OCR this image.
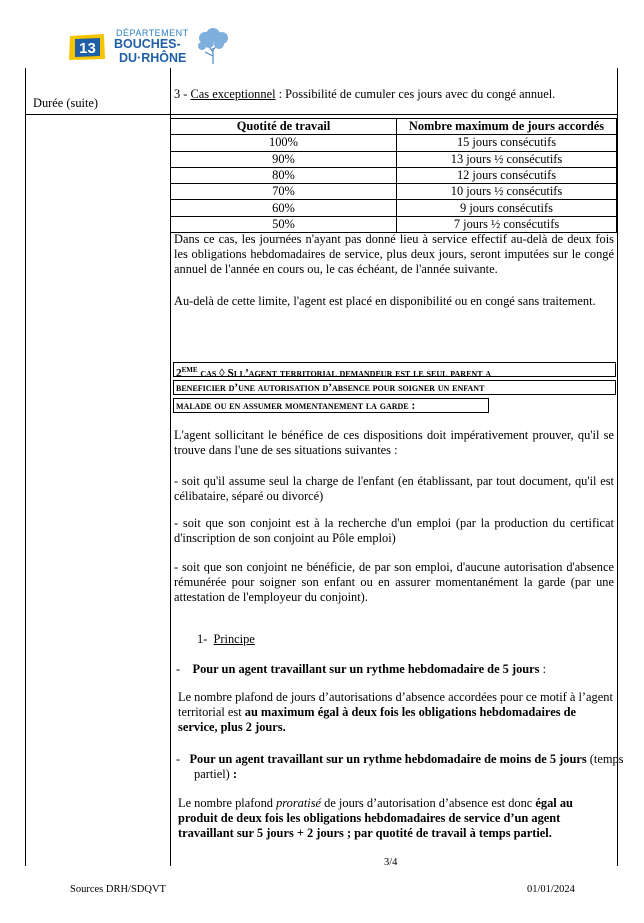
13
DÉPARTEMENT
BOUCHES-
DU·RHÔNE
Durée (suite)
3 - Cas exceptionnel : Possibilité de cumuler ces jours avec du congé annuel.
Quotité de travail	Nombre maximum de jours accordés
100%	15 jours consécutifs
90%	13 jours ½ consécutifs
80%	12 jours consécutifs
70%	10 jours ½ consécutifs
60%	9 jours consécutifs
50%	7 jours ½ consécutifs
Dans ce cas, les journées n'ayant pas donné lieu à service effectif au-delà de deux fois les obligations hebdomadaires de service, plus deux jours, seront imputées sur le congé annuel de l'année en cours ou, le cas échéant, de l'année suivante.
Au-delà de cette limite, l'agent est placé en disponibilité ou en congé sans traitement.
2EME cas ◊ Si l’agent territorial demandeur est le seul parent a
beneficier d’une autorisation d’absence pour soigner un enfant
malade ou en assumer momentanement la garde :
L'agent sollicitant le bénéfice de ces dispositions doit impérativement prouver, qu'il se trouve dans l'une de ses situations suivantes :
- soit qu'il assume seul la charge de l'enfant (en établissant, par tout document, qu'il est célibataire, séparé ou divorcé)
- soit que son conjoint est à la recherche d'un emploi (par la production du certificat d'inscription de son conjoint au Pôle emploi)
- soit que son conjoint ne bénéficie, de par son emploi, d'aucune autorisation d'absence rémunérée pour soigner son enfant ou en assurer momentanément la garde (par une attestation de l'employeur du conjoint).
1- Principe
- Pour un agent travaillant sur un rythme hebdomadaire de 5 jours :
Le nombre plafond de jours d’autorisations d’absence accordées pour ce motif à l’agent territorial est au maximum égal à deux fois les obligations hebdomadaires de service, plus 2 jours.
- Pour un agent travaillant sur un rythme hebdomadaire de moins de 5 jours (temps partiel) :
Le nombre plafond proratisé de jours d’autorisation d’absence est donc égal au produit de deux fois les obligations hebdomadaires de service d’un agent travaillant sur 5 jours + 2 jours ; par quotité de travail à temps partiel.
3/4
Sources DRH/SDQVT	01/01/2024
